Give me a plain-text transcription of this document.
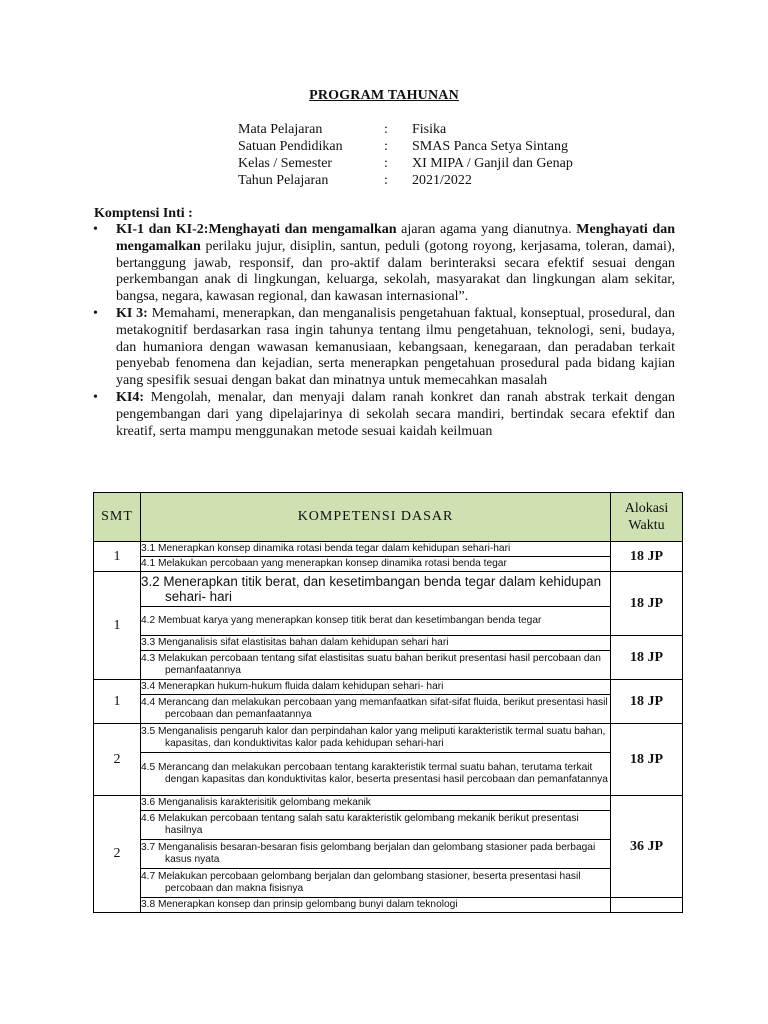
PROGRAM TAHUNAN
Mata Pelajaran	:	Fisika
Satuan Pendidikan	:	SMAS Panca Setya Sintang
Kelas / Semester	:	XI MIPA / Ganjil dan Genap
Tahun Pelajaran	:	2021/2022
Komptensi Inti :
• KI-1 dan KI-2:Menghayati dan mengamalkan ajaran agama yang dianutnya. Menghayati dan mengamalkan perilaku jujur, disiplin, santun, peduli (gotong royong, kerjasama, toleran, damai), bertanggung jawab, responsif, dan pro-aktif dalam berinteraksi secara efektif sesuai dengan perkembangan anak di lingkungan, keluarga, sekolah, masyarakat dan lingkungan alam sekitar, bangsa, negara, kawasan regional, dan kawasan internasional”.
• KI 3: Memahami, menerapkan, dan menganalisis pengetahuan faktual, konseptual, prosedural, dan metakognitif berdasarkan rasa ingin tahunya tentang ilmu pengetahuan, teknologi, seni, budaya, dan humaniora dengan wawasan kemanusiaan, kebangsaan, kenegaraan, dan peradaban terkait penyebab fenomena dan kejadian, serta menerapkan pengetahuan prosedural pada bidang kajian yang spesifik sesuai dengan bakat dan minatnya untuk memecahkan masalah
• KI4: Mengolah, menalar, dan menyaji dalam ranah konkret dan ranah abstrak terkait dengan pengembangan dari yang dipelajarinya di sekolah secara mandiri, bertindak secara efektif dan kreatif, serta mampu menggunakan metode sesuai kaidah keilmuan
SMT	KOMPETENSI DASAR	Alokasi
Waktu
1	3.1 Menerapkan konsep dinamika rotasi benda tegar dalam kehidupan sehari-hari	18 JP

	4.1 Melakukan percobaan yang menerapkan konsep dinamika rotasi benda tegar	

1	3.2 Menerapkan titik berat, dan kesetimbangan benda tegar dalam kehidupan sehari- hari	18 JP

	4.2 Membuat karya yang menerapkan konsep titik berat dan kesetimbangan benda tegar	

	3.3 Menganalisis sifat elastisitas bahan dalam kehidupan sehari hari	18 JP

	4.3 Melakukan percobaan tentang sifat elastisitas suatu bahan berikut presentasi hasil percobaan dan pemanfaatannya	

1	3.4 Menerapkan hukum-hukum fluida dalam kehidupan sehari- hari	18 JP

	4.4 Merancang dan melakukan percobaan yang memanfaatkan sifat-sifat fluida, berikut presentasi hasil percobaan dan pemanfaatannya	

2	3.5 Menganalisis pengaruh kalor dan perpindahan kalor yang meliputi karakteristik termal suatu bahan, kapasitas, dan konduktivitas kalor pada kehidupan sehari-hari	18 JP

	4.5 Merancang dan melakukan percobaan tentang karakteristik termal suatu bahan, terutama terkait dengan kapasitas dan konduktivitas kalor, beserta presentasi hasil percobaan dan pemanfatannya	

2	3.6 Menganalisis karakterisitik gelombang mekanik	36 JP

	4.6 Melakukan percobaan tentang salah satu karakteristik gelombang mekanik berikut presentasi hasilnya	

	3.7 Menganalisis besaran-besaran fisis gelombang berjalan dan gelombang stasioner pada berbagai kasus nyata	

	4.7 Melakukan percobaan gelombang berjalan dan gelombang stasioner, beserta presentasi hasil percobaan dan makna fisisnya	

	3.8 Menerapkan konsep dan prinsip gelombang bunyi dalam teknologi	
